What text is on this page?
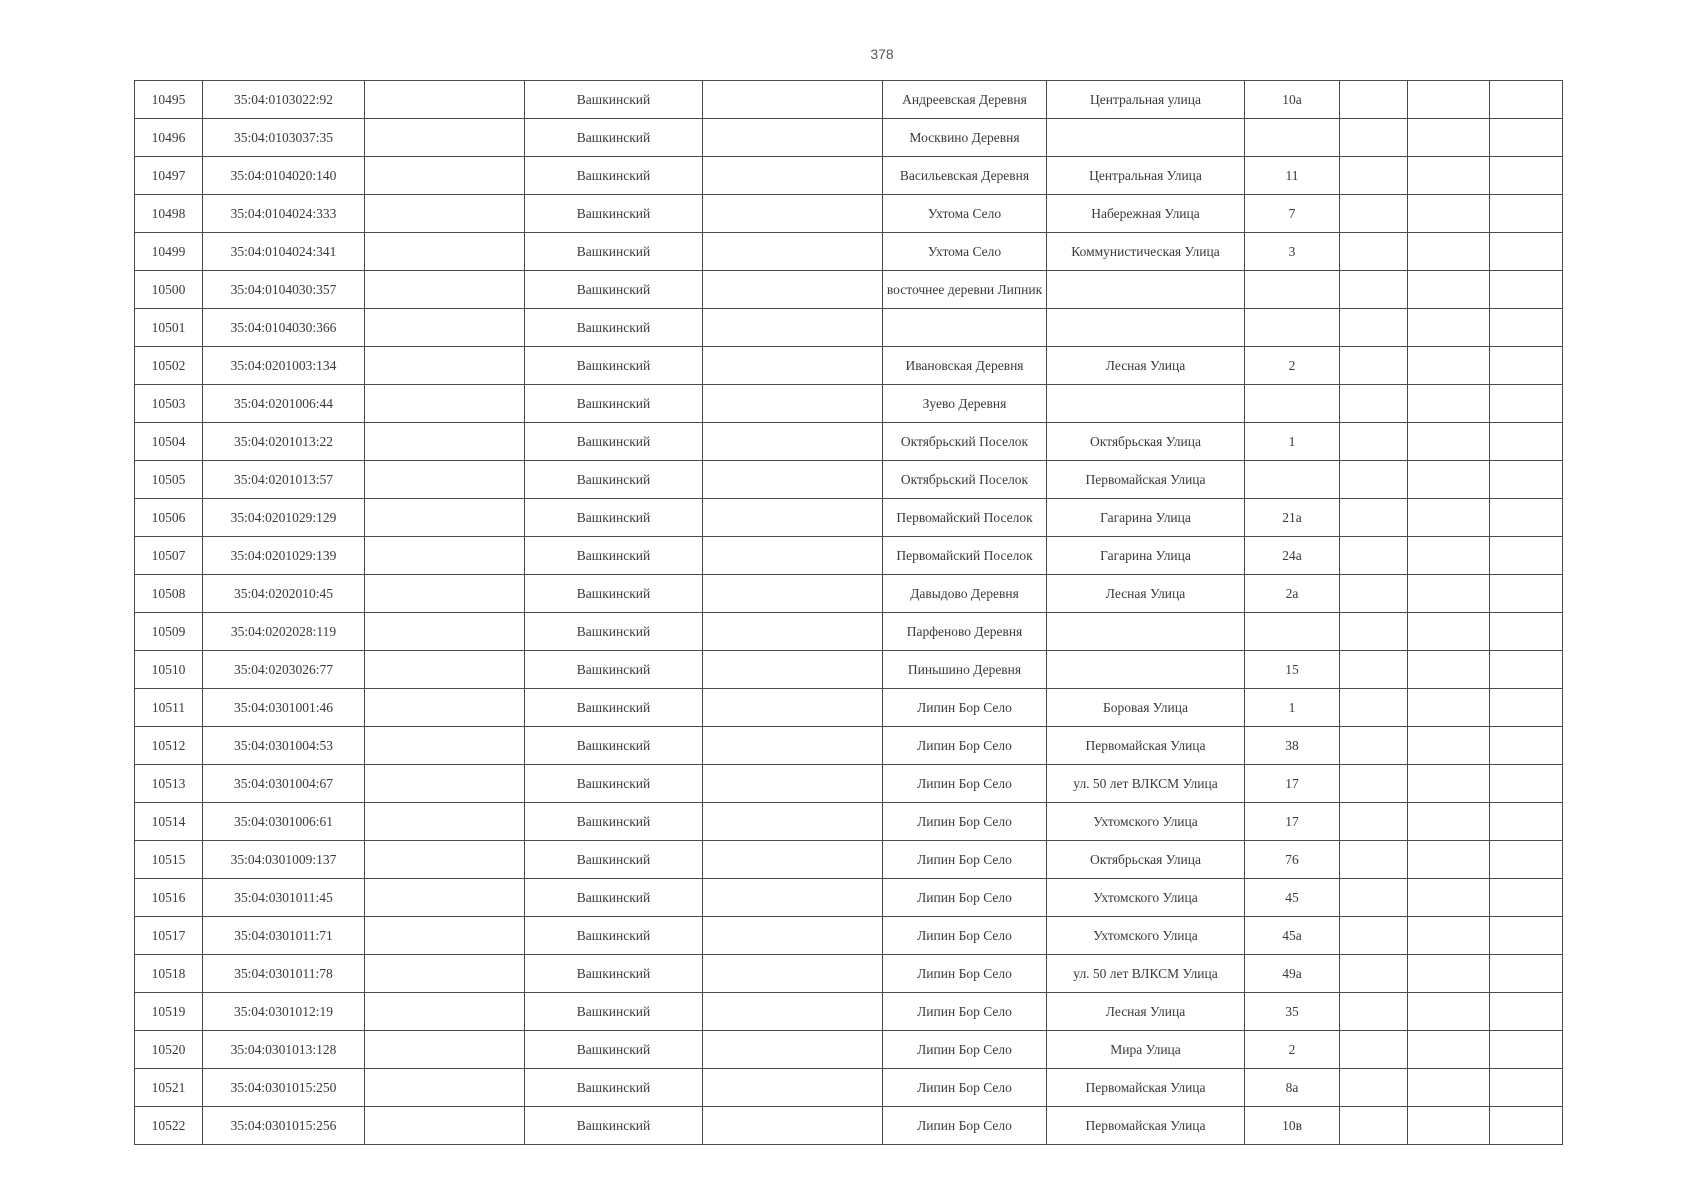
378
10495	35:04:0103022:92		Вашкинский		Андреевская Деревня	Центральная улица	10а			
10496	35:04:0103037:35		Вашкинский		Москвино Деревня					
10497	35:04:0104020:140		Вашкинский		Васильевская Деревня	Центральная Улица	11			
10498	35:04:0104024:333		Вашкинский		Ухтома Село	Набережная Улица	7			
10499	35:04:0104024:341		Вашкинский		Ухтома Село	Коммунистическая Улица	3			
10500	35:04:0104030:357		Вашкинский		восточнее деревни Липник					
10501	35:04:0104030:366		Вашкинский							
10502	35:04:0201003:134		Вашкинский		Ивановская Деревня	Лесная Улица	2			
10503	35:04:0201006:44		Вашкинский		Зуево Деревня					
10504	35:04:0201013:22		Вашкинский		Октябрьский Поселок	Октябрьская Улица	1			
10505	35:04:0201013:57		Вашкинский		Октябрьский Поселок	Первомайская Улица				
10506	35:04:0201029:129		Вашкинский		Первомайский Поселок	Гагарина Улица	21а			
10507	35:04:0201029:139		Вашкинский		Первомайский Поселок	Гагарина Улица	24а			
10508	35:04:0202010:45		Вашкинский		Давыдово Деревня	Лесная Улица	2а			
10509	35:04:0202028:119		Вашкинский		Парфеново Деревня					
10510	35:04:0203026:77		Вашкинский		Пиньшино Деревня		15			
10511	35:04:0301001:46		Вашкинский		Липин Бор Село	Боровая Улица	1			
10512	35:04:0301004:53		Вашкинский		Липин Бор Село	Первомайская Улица	38			
10513	35:04:0301004:67		Вашкинский		Липин Бор Село	ул. 50 лет ВЛКСМ Улица	17			
10514	35:04:0301006:61		Вашкинский		Липин Бор Село	Ухтомского Улица	17			
10515	35:04:0301009:137		Вашкинский		Липин Бор Село	Октябрьская Улица	76			
10516	35:04:0301011:45		Вашкинский		Липин Бор Село	Ухтомского Улица	45			
10517	35:04:0301011:71		Вашкинский		Липин Бор Село	Ухтомского Улица	45а			
10518	35:04:0301011:78		Вашкинский		Липин Бор Село	ул. 50 лет ВЛКСМ Улица	49а			
10519	35:04:0301012:19		Вашкинский		Липин Бор Село	Лесная Улица	35			
10520	35:04:0301013:128		Вашкинский		Липин Бор Село	Мира Улица	2			
10521	35:04:0301015:250		Вашкинский		Липин Бор Село	Первомайская Улица	8а			
10522	35:04:0301015:256		Вашкинский		Липин Бор Село	Первомайская Улица	10в			
